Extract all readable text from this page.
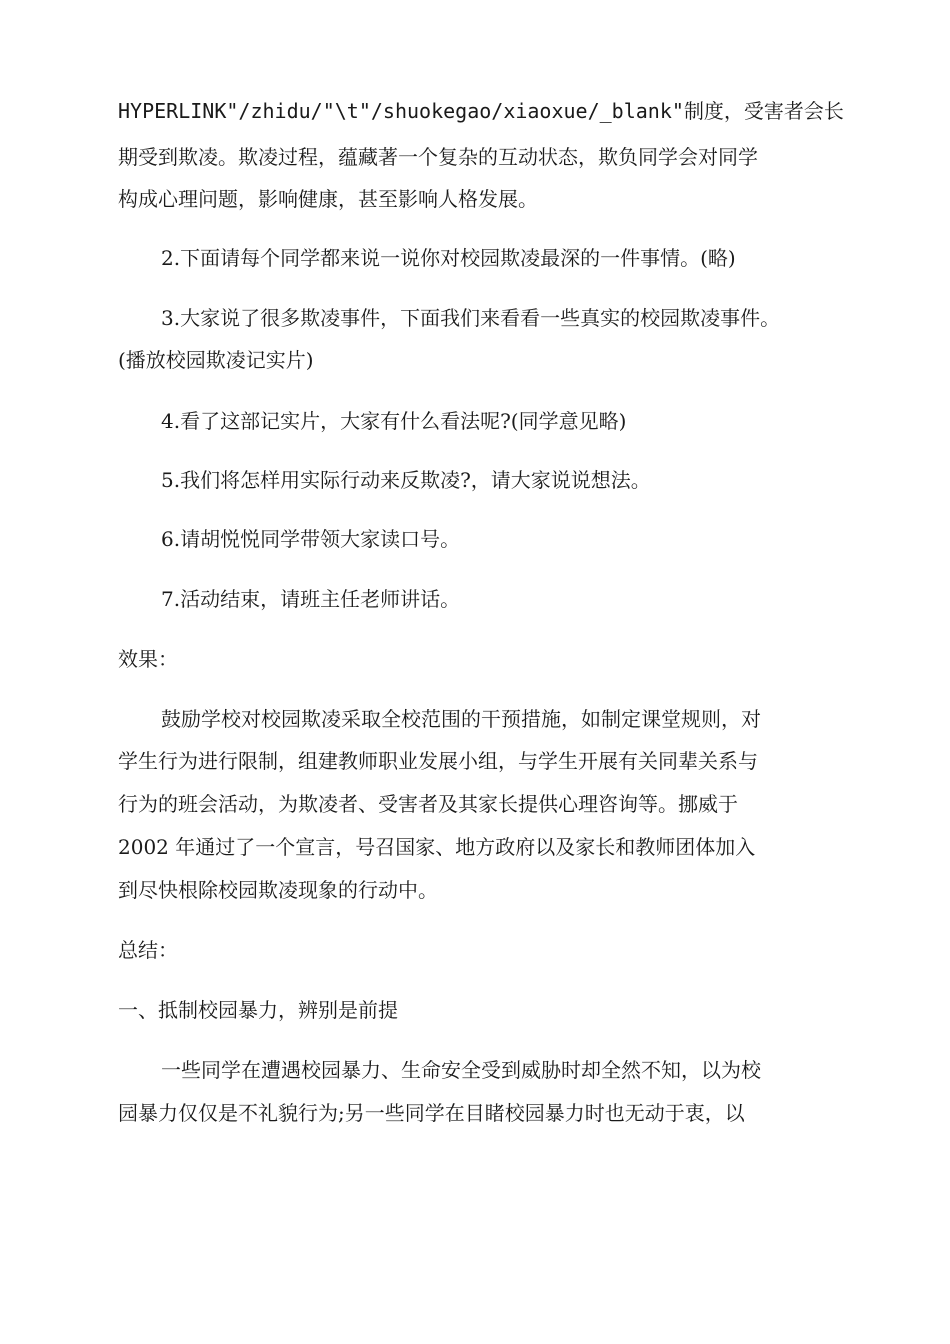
HYPERLINK"/zhidu/"\t"/shuokegao/xiaoxue/_blank"制度，受害者会长
期受到欺凌。欺凌过程，蕴藏著一个复杂的互动状态，欺负同学会对同学
构成心理问题，影响健康，甚至影响人格发展。
2.下面请每个同学都来说一说你对校园欺凌最深的一件事情。(略)
3.大家说了很多欺凌事件，下面我们来看看一些真实的校园欺凌事件。
(播放校园欺凌记实片)
4.看了这部记实片，大家有什么看法呢?(同学意见略)
5.我们将怎样用实际行动来反欺凌?，请大家说说想法。
6.请胡悦悦同学带领大家读口号。
7.活动结束，请班主任老师讲话。
效果：
鼓励学校对校园欺凌采取全校范围的干预措施，如制定课堂规则，对
学生行为进行限制，组建教师职业发展小组，与学生开展有关同辈关系与
行为的班会活动，为欺凌者、受害者及其家长提供心理咨询等。挪威于
2002 年通过了一个宣言，号召国家、地方政府以及家长和教师团体加入
到尽快根除校园欺凌现象的行动中。
总结：
一、抵制校园暴力，辨别是前提
一些同学在遭遇校园暴力、生命安全受到威胁时却全然不知，以为校
园暴力仅仅是不礼貌行为;另一些同学在目睹校园暴力时也无动于衷，以
